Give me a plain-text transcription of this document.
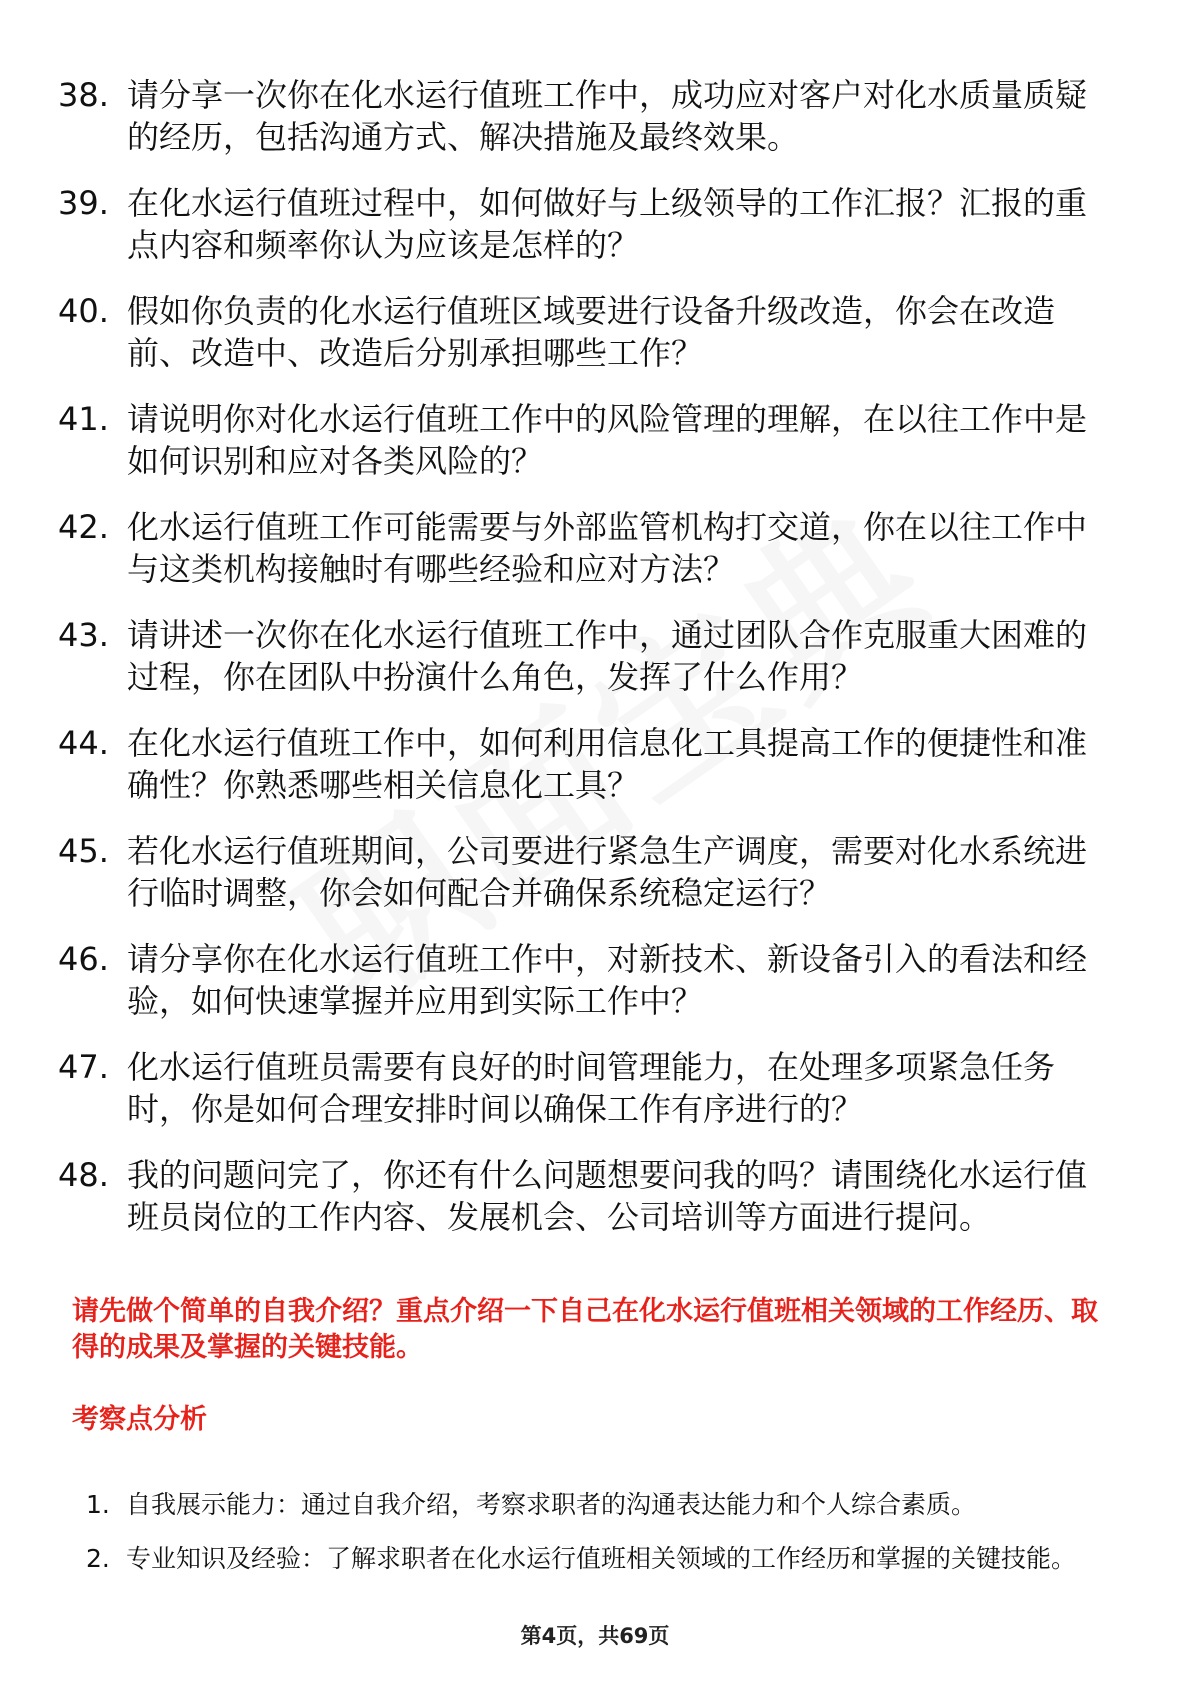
38. 请分享一次你在化水运行值班工作中，成功应对客户对化水质量质疑的经历，包括沟通方式、解决措施及最终效果。
39. 在化水运行值班过程中，如何做好与上级领导的工作汇报？汇报的重点内容和频率你认为应该是怎样的？
40. 假如你负责的化水运行值班区域要进行设备升级改造，你会在改造前、改造中、改造后分别承担哪些工作？
41. 请说明你对化水运行值班工作中的风险管理的理解，在以往工作中是如何识别和应对各类风险的？
42. 化水运行值班工作可能需要与外部监管机构打交道，你在以往工作中与这类机构接触时有哪些经验和应对方法？
43. 请讲述一次你在化水运行值班工作中，通过团队合作克服重大困难的过程，你在团队中扮演什么角色，发挥了什么作用？
44. 在化水运行值班工作中，如何利用信息化工具提高工作的便捷性和准确性？你熟悉哪些相关信息化工具？
45. 若化水运行值班期间，公司要进行紧急生产调度，需要对化水系统进行临时调整，你会如何配合并确保系统稳定运行？
46. 请分享你在化水运行值班工作中，对新技术、新设备引入的看法和经验，如何快速掌握并应用到实际工作中？
47. 化水运行值班员需要有良好的时间管理能力，在处理多项紧急任务时，你是如何合理安排时间以确保工作有序进行的？
48. 我的问题问完了，你还有什么问题想要问我的吗？请围绕化水运行值班员岗位的工作内容、发展机会、公司培训等方面进行提问。
请先做个简单的自我介绍？重点介绍一下自己在化水运行值班相关领域的工作经历、取得的成果及掌握的关键技能。
考察点分析
1. 自我展示能力：通过自我介绍，考察求职者的沟通表达能力和个人综合素质。
2. 专业知识及经验：了解求职者在化水运行值班相关领域的工作经历和掌握的关键技能。
第4页，共69页
